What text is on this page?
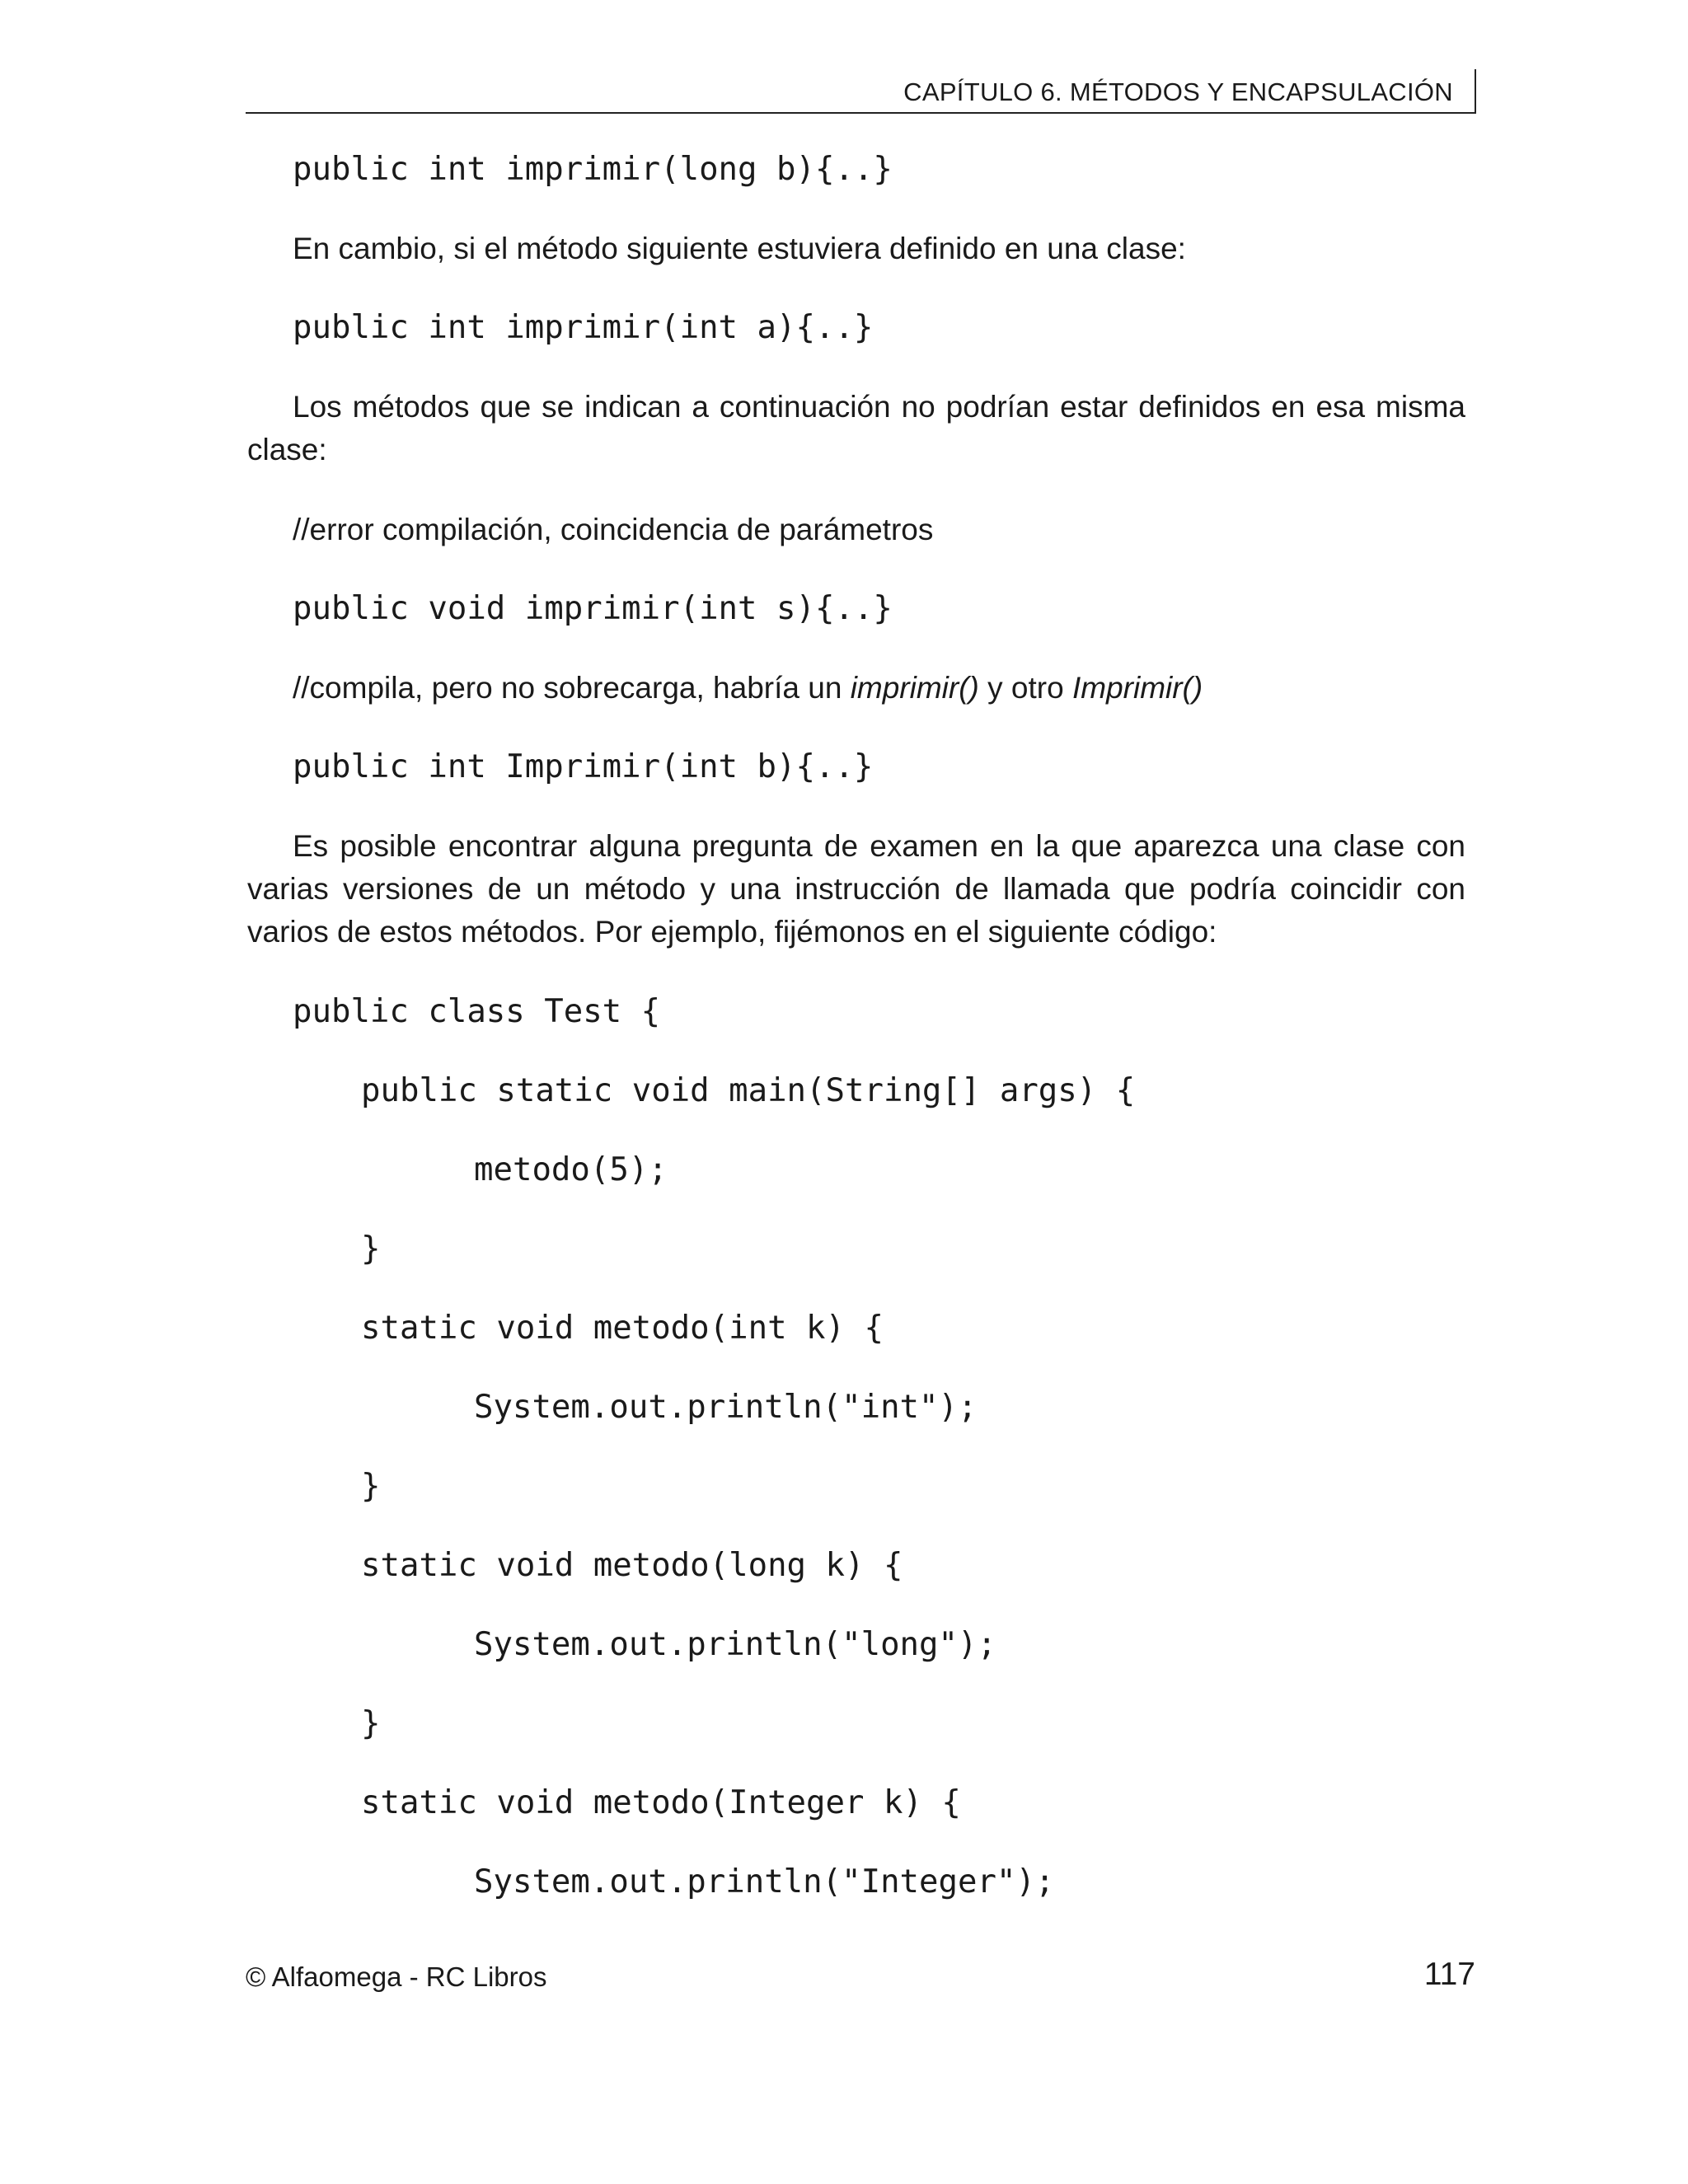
CAPÍTULO 6. MÉTODOS Y ENCAPSULACIÓN
public int imprimir(long b){..}

En cambio, si el método siguiente estuviera definido en una clase:

public int imprimir(int a){..}

Los métodos que se indican a continuación no podrían estar definidos en esa misma clase:

//error compilación, coincidencia de parámetros

public void imprimir(int s){..}

//compila, pero no sobrecarga, habría un imprimir() y otro Imprimir()

public int Imprimir(int b){..}

Es posible encontrar alguna pregunta de examen en la que aparezca una clase con varias versiones de un método y una instrucción de llamada que podría coincidir con varios de estos métodos. Por ejemplo, fijémonos en el siguiente código:

public class Test {
public static void main(String[] args) {
metodo(5);
}
static void metodo(int k) {
System.out.println("int");
}
static void metodo(long k) {
System.out.println("long");
}
static void metodo(Integer k) {
System.out.println("Integer");
© Alfaomega - RC Libros	117
